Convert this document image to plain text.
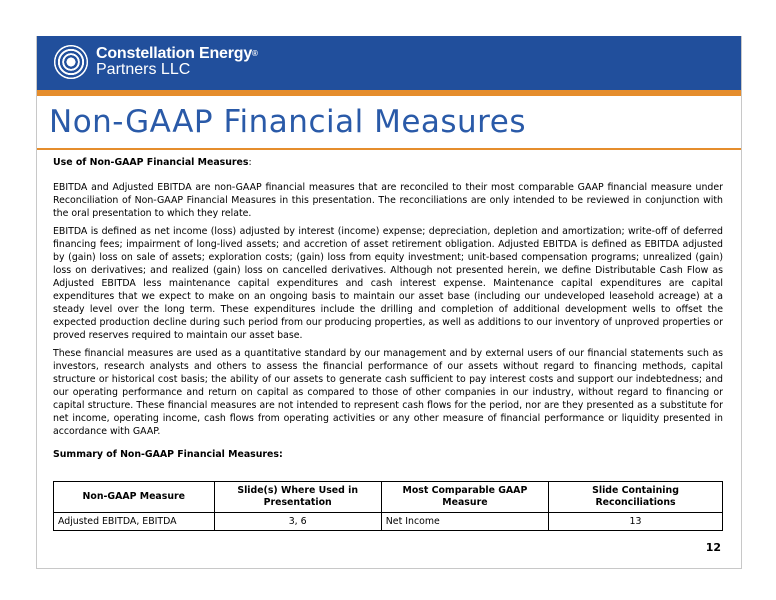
Constellation Energy®
Partners LLC
Non-GAAP Financial Measures

Use of Non-GAAP Financial Measures:

EBITDA and Adjusted EBITDA are non-GAAP financial measures that are reconciled to their most comparable GAAP financial measure under Reconciliation of Non-GAAP Financial Measures in this presentation. The reconciliations are only intended to be reviewed in conjunction with the oral presentation to which they relate.

EBITDA is defined as net income (loss) adjusted by interest (income) expense; depreciation, depletion and amortization; write-off of deferred financing fees; impairment of long-lived assets; and accretion of asset retirement obligation. Adjusted EBITDA is defined as EBITDA adjusted by (gain) loss on sale of assets; exploration costs; (gain) loss from equity investment; unit-based compensation programs; unrealized (gain) loss on derivatives; and realized (gain) loss on cancelled derivatives. Although not presented herein, we define Distributable Cash Flow as Adjusted EBITDA less maintenance capital expenditures and cash interest expense. Maintenance capital expenditures are capital expenditures that we expect to make on an ongoing basis to maintain our asset base (including our undeveloped leasehold acreage) at a steady level over the long term. These expenditures include the drilling and completion of additional development wells to offset the expected production decline during such period from our producing properties, as well as additions to our inventory of unproved properties or proved reserves required to maintain our asset base.

These financial measures are used as a quantitative standard by our management and by external users of our financial statements such as investors, research analysts and others to assess the financial performance of our assets without regard to financing methods, capital structure or historical cost basis; the ability of our assets to generate cash sufficient to pay interest costs and support our indebtedness; and our operating performance and return on capital as compared to those of other companies in our industry, without regard to financing or capital structure. These financial measures are not intended to represent cash flows for the period, nor are they presented as a substitute for net income, operating income, cash flows from operating activities or any other measure of financial performance or liquidity presented in accordance with GAAP.

Summary of Non-GAAP Financial Measures:

Non-GAAP Measure	Slide(s) Where Used in Presentation	Most Comparable GAAP Measure	Slide Containing Reconciliations
Adjusted EBITDA, EBITDA	3, 6	Net Income	13
12
